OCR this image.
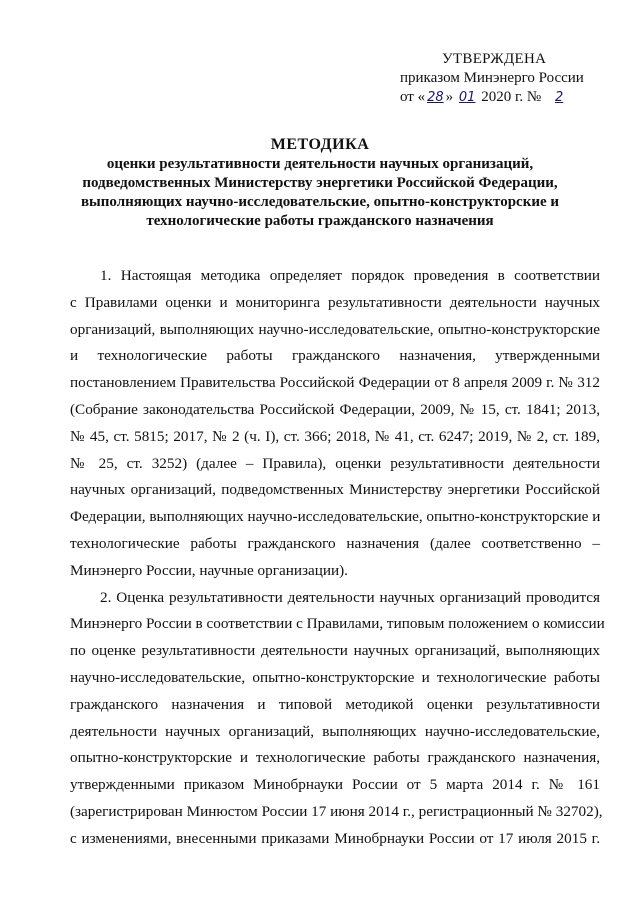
УТВЕРЖДЕНА
приказом Минэнерго России
от « 28 » 01 2020 г. № 2
МЕТОДИКА
оценки результативности деятельности научных организаций,
подведомственных Министерству энергетики Российской Федерации,
выполняющих научно-исследовательские, опытно-конструкторские и
технологические работы гражданского назначения

1. Настоящая методика определяет порядок проведения в соответствии
с Правилами оценки и мониторинга результативности деятельности научных
организаций, выполняющих научно-исследовательские, опытно-конструкторские
и технологические работы гражданского назначения, утвержденными
постановлением Правительства Российской Федерации от 8 апреля 2009 г. № 312
(Собрание законодательства Российской Федерации, 2009, № 15, ст. 1841; 2013,
№ 45, ст. 5815; 2017, № 2 (ч. I), ст. 366; 2018, № 41, ст. 6247; 2019, № 2, ст. 189,
№ 25, ст. 3252) (далее – Правила), оценки результативности деятельности
научных организаций, подведомственных Министерству энергетики Российской
Федерации, выполняющих научно-исследовательские, опытно-конструкторские и
технологические работы гражданского назначения (далее соответственно –
Минэнерго России, научные организации).

2. Оценка результативности деятельности научных организаций проводится
Минэнерго России в соответствии с Правилами, типовым положением о комиссии
по оценке результативности деятельности научных организаций, выполняющих
научно-исследовательские, опытно-конструкторские и технологические работы
гражданского назначения и типовой методикой оценки результативности
деятельности научных организаций, выполняющих научно-исследовательские,
опытно-конструкторские и технологические работы гражданского назначения,
утвержденными приказом Минобрнауки России от 5 марта 2014 г. № 161
(зарегистрирован Минюстом России 17 июня 2014 г., регистрационный № 32702),
с изменениями, внесенными приказами Минобрнауки России от 17 июля 2015 г.
